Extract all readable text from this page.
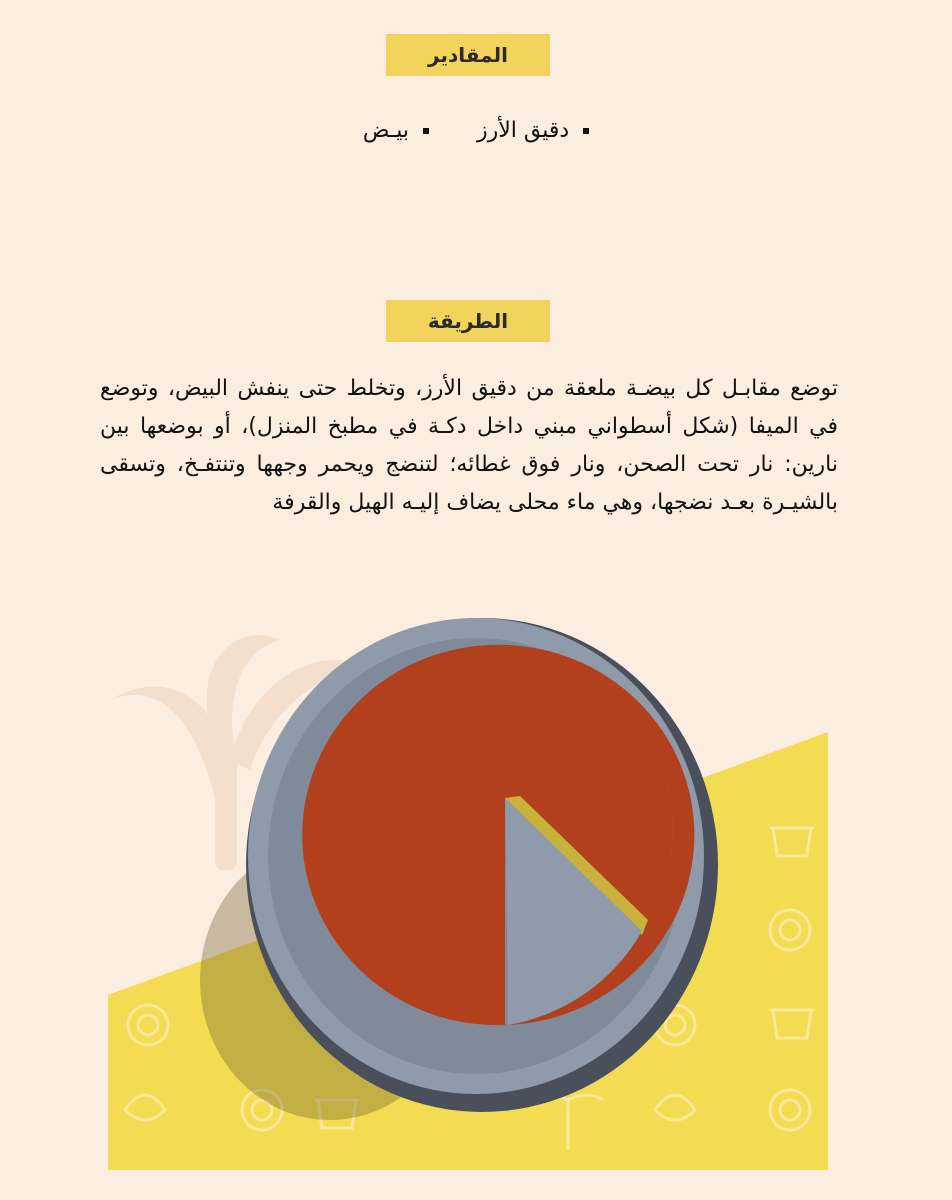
المقادير
دقيق الأرز
بيـض
الطريقة
توضع مقابـل كل بيضـة ملعقة من دقيق الأرز، وتخلط حتى ينفش البيض، وتوضع في الميفا (شكل أسطواني مبني داخل دكـة في مطبخ المنزل)، أو بوضعها بين نارين: نار تحت الصحن، ونار فوق غطائه؛ لتنضج ويحمر وجهها وتنتفـخ، وتسقى بالشيـرة بعـد نضجها، وهي ماء محلى يضاف إليـه الهيل والقرفة
